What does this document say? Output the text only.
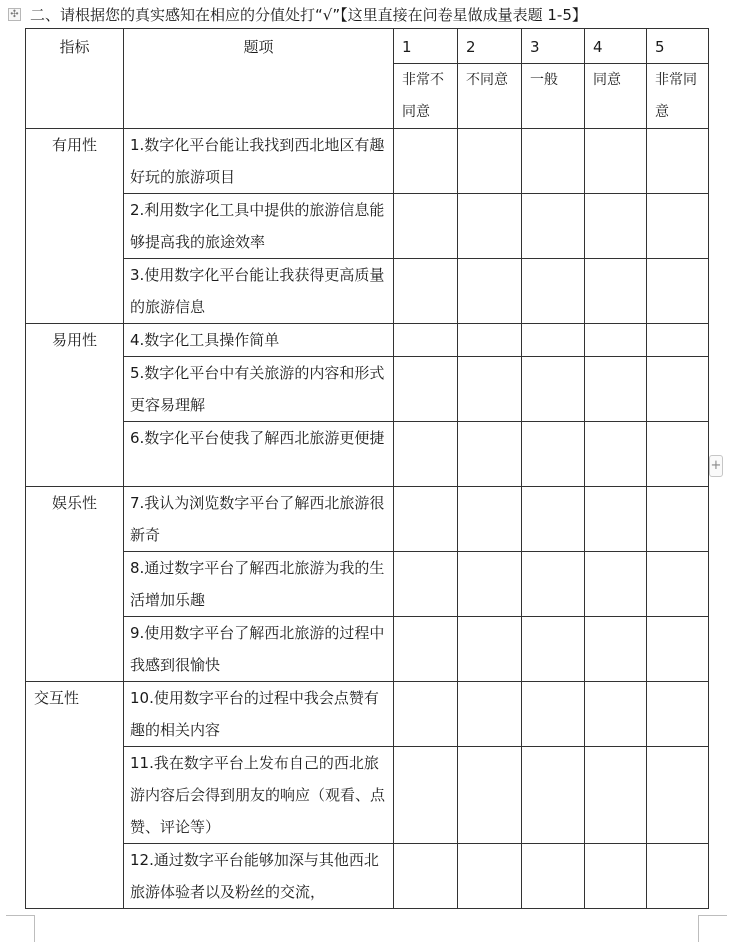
✣ 二、请根据您的真实感知在相应的分值处打“√”【这里直接在问卷星做成量表题 1-5】
+
指标	题项	1	2	3	4	5
		非常不同意	不同意	一般	同意	非常同意

有用性	1.数字化平台能让我找到西北地区有趣好玩的旅游项目					
	2.利用数字化工具中提供的旅游信息能够提高我的旅途效率					
	3.使用数字化平台能让我获得更高质量的旅游信息					
易用性	4.数字化工具操作简单					
	5.数字化平台中有关旅游的内容和形式更容易理解					
	6.数字化平台使我了解西北旅游更便捷					
娱乐性	7.我认为浏览数字平台了解西北旅游很新奇					
	8.通过数字平台了解西北旅游为我的生活增加乐趣					
	9.使用数字平台了解西北旅游的过程中我感到很愉快					
交互性	10.使用数字平台的过程中我会点赞有趣的相关内容					
	11.我在数字平台上发布自己的西北旅游内容后会得到朋友的响应（观看、点赞、评论等）					
	12.通过数字平台能够加深与其他西北旅游体验者以及粉丝的交流，					
